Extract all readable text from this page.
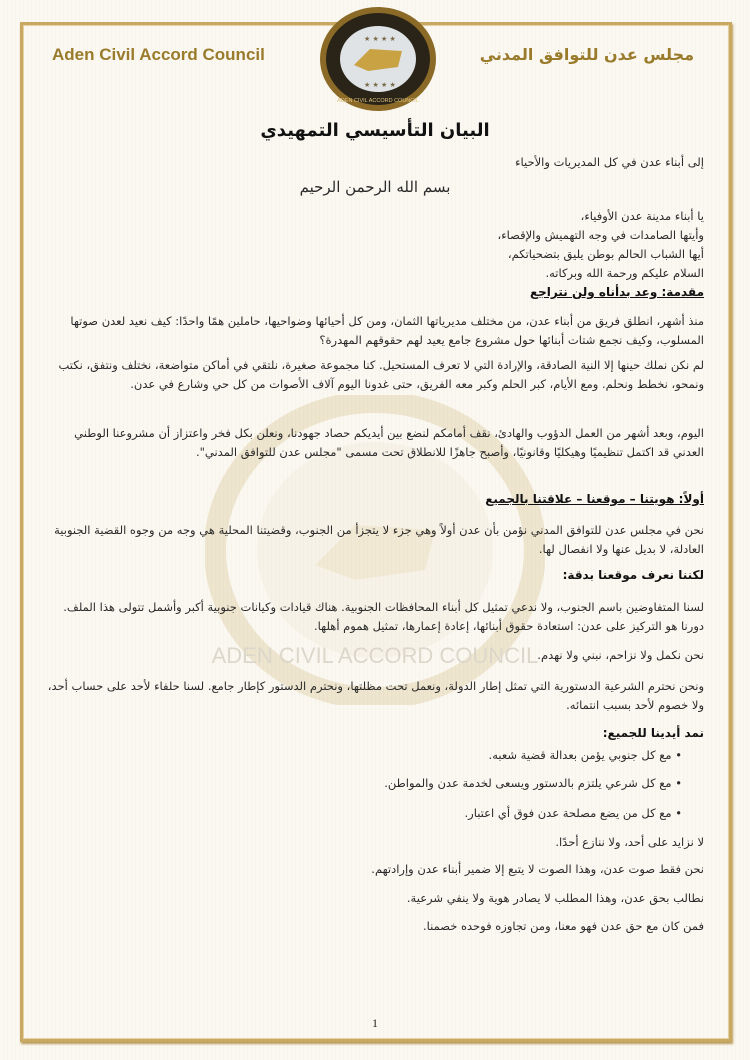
ADEN CIVIL ACCORD COUNCIL
Aden Civil Accord Council	مجلس عدن للتوافق المدني
★ ★ ★ ★
★ ★ ★ ★
ADEN CIVIL ACCORD COUNCIL
البيان التأسيسي التمهيدي
إلى أبناء عدن في كل المديريات والأحياء
بسم الله الرحمن الرحيم

يا أبناء مدينة عدن الأوفياء،

وأيتها الصامدات في وجه التهميش والإقصاء،

أيها الشباب الحالم بوطن يليق بتضحياتكم،

السلام عليكم ورحمة الله وبركاته.

مقدمة: وعد بدأناه ولن نتراجع
منذ أشهر، انطلق فريق من أبناء عدن، من مختلف مديرياتها الثمان، ومن كل أحيائها وضواحيها، حاملين همًا واحدًا: كيف نعيد لعدن صوتها المسلوب، وكيف نجمع شتات أبنائها حول مشروع جامع يعيد لهم حقوقهم المهدرة؟
لم نكن نملك حينها إلا النية الصادقة، والإرادة التي لا تعرف المستحيل. كنا مجموعة صغيرة، نلتقي في أماكن متواضعة، نختلف ونتفق، نكتب ونمحو، نخطط ونحلم. ومع الأيام، كبر الحلم وكبر معه الفريق، حتى غدونا اليوم آلاف الأصوات من كل حي وشارع في عدن.
اليوم، وبعد أشهر من العمل الدؤوب والهادئ، نقف أمامكم لنضع بين أيديكم حصاد جهودنا، ونعلن بكل فخر واعتزاز أن مشروعنا الوطني العدني قد اكتمل تنظيميًا وهيكليًا وقانونيًا، وأصبح جاهزًا للانطلاق تحت مسمى "مجلس عدن للتوافق المدني".
أولاً: هويتنا – موقعنا – علاقتنا بالجميع
نحن في مجلس عدن للتوافق المدني نؤمن بأن عدن أولاً وهي جزء لا يتجزأ من الجنوب، وقضيتنا المحلية هي وجه من وجوه القضية الجنوبية العادلة، لا بديل عنها ولا انفصال لها.
لكننا نعرف موقعنا بدقة:
لسنا المتفاوضين باسم الجنوب، ولا ندعي تمثيل كل أبناء المحافظات الجنوبية. هناك قيادات وكيانات جنوبية أكبر وأشمل تتولى هذا الملف. دورنا هو التركيز على عدن: استعادة حقوق أبنائها، إعادة إعمارها، تمثيل هموم أهلها.
نحن نكمل ولا نزاحم، نبني ولا نهدم.
ونحن نحترم الشرعية الدستورية التي تمثل إطار الدولة، ونعمل تحت مظلتها، ونحترم الدستور كإطار جامع. لسنا حلفاء لأحد على حساب أحد، ولا خصوم لأحد بسبب انتمائه.
نمد أيدينا للجميع:
• مع كل جنوبي يؤمن بعدالة قضية شعبه.
• مع كل شرعي يلتزم بالدستور ويسعى لخدمة عدن والمواطن.
• مع كل من يضع مصلحة عدن فوق أي اعتبار.
لا نزايد على أحد، ولا ننازع أحدًا.
نحن فقط صوت عدن، وهذا الصوت لا يتبع إلا ضمير أبناء عدن وإرادتهم.
نطالب بحق عدن، وهذا المطلب لا يصادر هوية ولا ينفي شرعية.
فمن كان مع حق عدن فهو معنا، ومن تجاوزه فوحده خصمنا.
1
